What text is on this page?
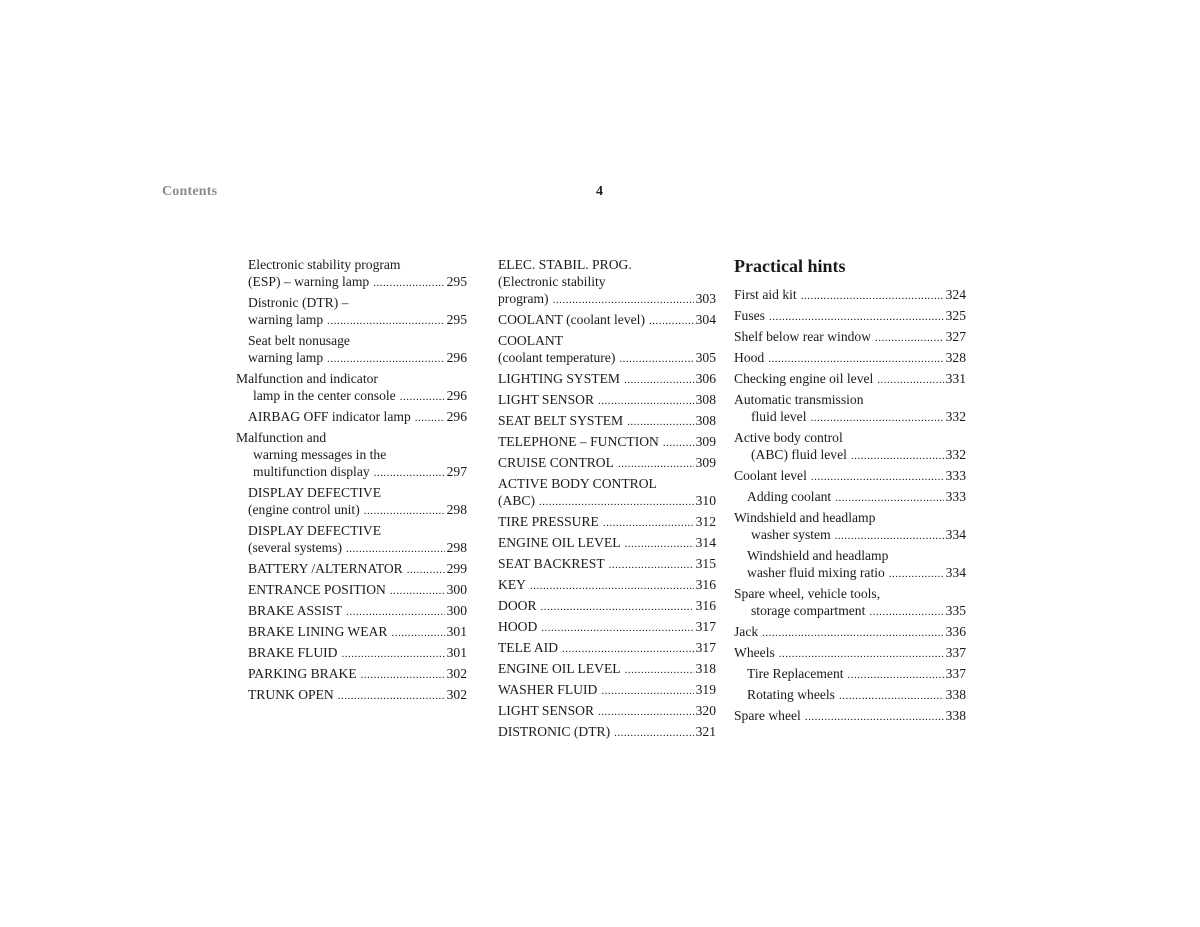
Contents	4
Electronic stability program
(ESP) – warning lamp .....	295
Distronic (DTR) –
warning lamp .....	295
Seat belt nonusage
warning lamp .....	296
Malfunction and indicator
lamp in the center console .....	296
AIRBAG OFF indicator lamp .....	296
Malfunction and
warning messages in the
multifunction display .....	297
DISPLAY DEFECTIVE
(engine control unit) .....	298
DISPLAY DEFECTIVE
(several systems) .....	298
BATTERY /ALTERNATOR .....	299
ENTRANCE POSITION .....	300
BRAKE ASSIST .....	300
BRAKE LINING WEAR .....	301
BRAKE FLUID .....	301
PARKING BRAKE .....	302
TRUNK OPEN .....	302
ELEC. STABIL. PROG.
(Electronic stability
program) .....	303
COOLANT (coolant level) .....	304
COOLANT
(coolant temperature) .....	305
LIGHTING SYSTEM .....	306
LIGHT SENSOR .....	308
SEAT BELT SYSTEM .....	308
TELEPHONE – FUNCTION .....	309
CRUISE CONTROL .....	309
ACTIVE BODY CONTROL
(ABC) .....	310
TIRE PRESSURE .....	312
ENGINE OIL LEVEL .....	314
SEAT BACKREST .....	315
KEY .....	316
DOOR .....	316
HOOD .....	317
TELE AID .....	317
ENGINE OIL LEVEL .....	318
WASHER FLUID .....	319
LIGHT SENSOR .....	320
DISTRONIC (DTR) .....	321
Practical hints
First aid kit .....	324
Fuses .....	325
Shelf below rear window .....	327
Hood .....	328
Checking engine oil level .....	331
Automatic transmission
fluid level .....	332
Active body control
(ABC) fluid level .....	332
Coolant level .....	333
Adding coolant .....	333
Windshield and headlamp
washer system .....	334
Windshield and headlamp
washer fluid mixing ratio .....	334
Spare wheel, vehicle tools,
storage compartment .....	335
Jack .....	336
Wheels .....	337
Tire Replacement .....	337
Rotating wheels .....	338
Spare wheel .....	338
